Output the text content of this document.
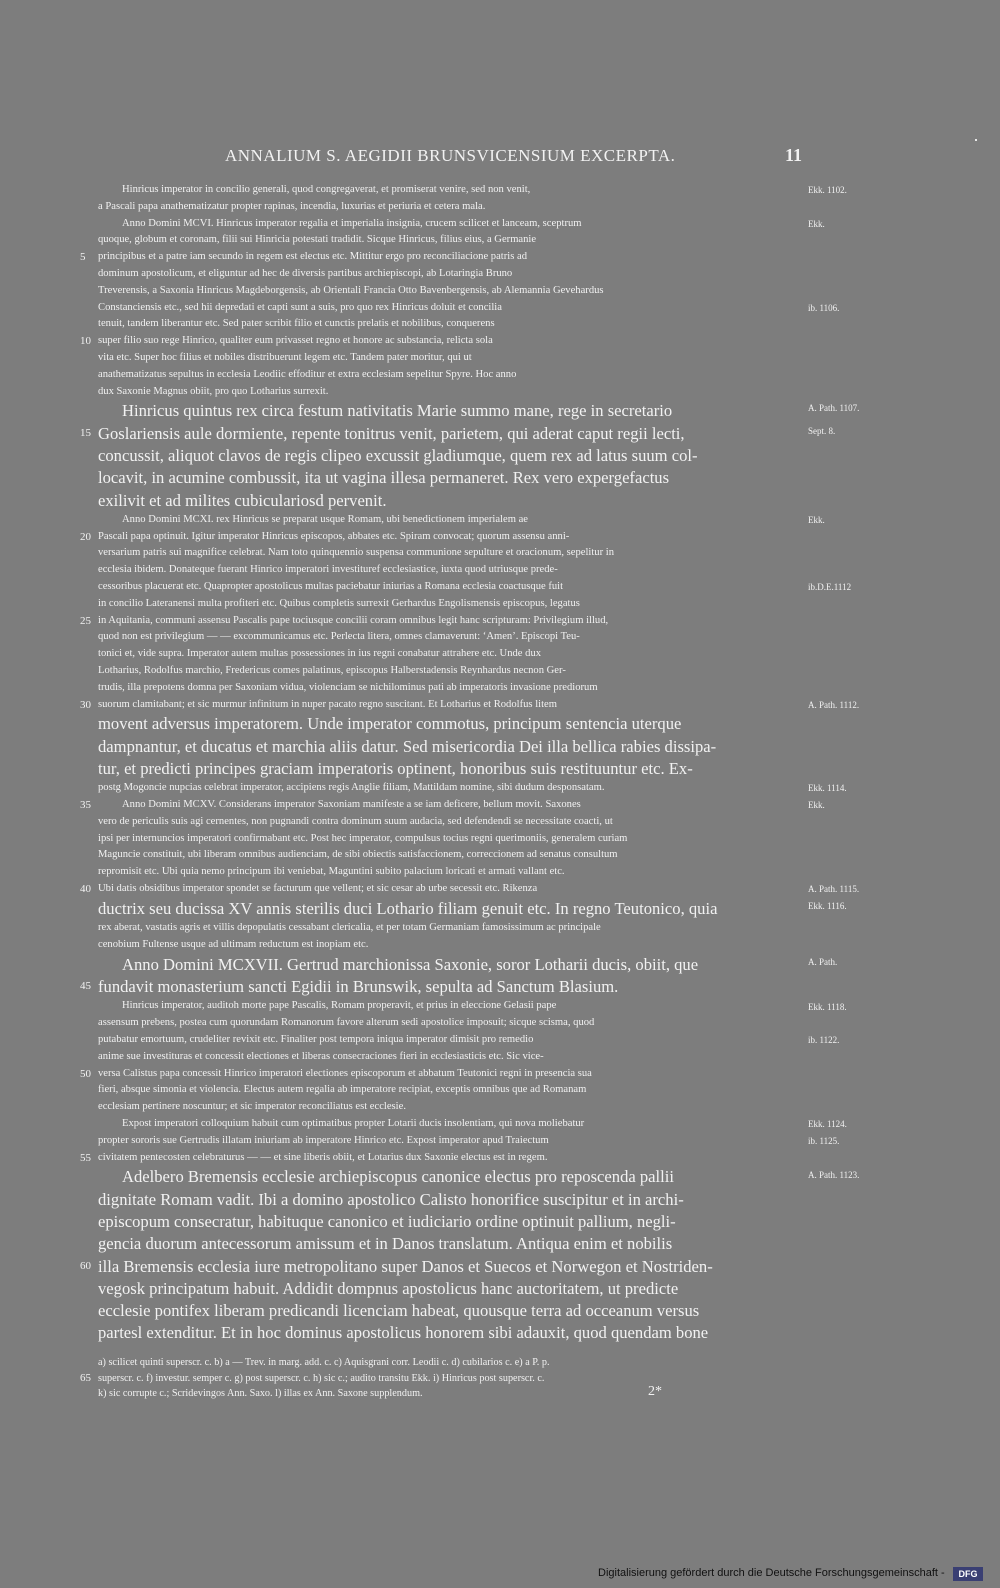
ANNALIUM S. AEGIDII BRUNSVICENSIUM EXCERPTA.	11
Hinricus imperator in concilio generali, quod congregaverat, et promiserat venire, sed non venit,
a Pascali papa anathematizatur propter rapinas, incendia, luxurias et periuria et cetera mala.
Anno Domini MCVI. Hinricus imperator regalia et imperialia insignia, crucem scilicet et lanceam, sceptrum
quoque, globum et coronam, filii sui Hinricia potestati tradidit. Sicque Hinricus, filius eius, a Germanie
principibus et a patre iam secundo in regem est electus etc. Mittitur ergo pro reconciliacione patris ad
dominum apostolicum, et eliguntur ad hec de diversis partibus archiepiscopi, ab Lotaringia Bruno
Treverensis, a Saxonia Hinricus Magdeborgensis, ab Orientali Francia Otto Bavenbergensis, ab Alemannia Gevehardus
Constanciensis etc., sed hii depredati et capti sunt a suis, pro quo rex Hinricus doluit et concilia
tenuit, tandem liberantur etc. Sed pater scribit filio et cunctis prelatis et nobilibus, conquerens
super filio suo rege Hinrico, qualiter eum privasset regno et honore ac substancia, relicta sola
vita etc. Super hoc filius et nobiles distribuerunt legem etc. Tandem pater moritur, qui ut
anathematizatus sepultus in ecclesia Leodiic effoditur et extra ecclesiam sepelitur Spyre. Hoc anno
dux Saxonie Magnus obiit, pro quo Lotharius surrexit.
Hinricus quintus rex circa festum nativitatis Marie summo mane, rege in secretario
Goslariensis aule dormiente, repente tonitrus venit, parietem, qui aderat caput regii lecti,
concussit, aliquot clavos de regis clipeo excussit gladiumque, quem rex ad latus suum col-
locavit, in acumine combussit, ita ut vagina illesa permaneret. Rex vero expergefactus
exilivit et ad milites cubiculariosd pervenit.
Anno Domini MCXI. rex Hinricus se preparat usque Romam, ubi benedictionem imperialem ae
Pascali papa optinuit. Igitur imperator Hinricus episcopos, abbates etc. Spiram convocat; quorum assensu anni-
versarium patris sui magnifice celebrat. Nam toto quinquennio suspensa communione sepulture et oracionum, sepelitur in
ecclesia ibidem. Donateque fuerant Hinrico imperatori investituref ecclesiastice, iuxta quod utriusque prede-
cessoribus placuerat etc. Quapropter apostolicus multas paciebatur iniurias a Romana ecclesia coactusque fuit
in concilio Lateranensi multa profiteri etc. Quibus completis surrexit Gerhardus Engolismensis episcopus, legatus
in Aquitania, communi assensu Pascalis pape tociusque concilii coram omnibus legit hanc scripturam: Privilegium illud,
quod non est privilegium — — excommunicamus etc. Perlecta litera, omnes clamaverunt: ‘Amen’. Episcopi Teu-
tonici et, vide supra. Imperator autem multas possessiones in ius regni conabatur attrahere etc. Unde dux
Lotharius, Rodolfus marchio, Fredericus comes palatinus, episcopus Halberstadensis Reynhardus necnon Ger-
trudis, illa prepotens domna per Saxoniam vidua, violenciam se nichilominus pati ab imperatoris invasione prediorum
suorum clamitabant; et sic murmur infinitum in nuper pacato regno suscitant. Et Lotharius et Rodolfus litem
movent adversus imperatorem. Unde imperator commotus, principum sentencia uterque
dampnantur, et ducatus et marchia aliis datur. Sed misericordia Dei illa bellica rabies dissipa-
tur, et predicti principes graciam imperatoris optinent, honoribus suis restituuntur etc. Ex-
postg Mogoncie nupcias celebrat imperator, accipiens regis Anglie filiam, Mattildam nomine, sibi dudum desponsatam.
Anno Domini MCXV. Considerans imperator Saxoniam manifeste a se iam deficere, bellum movit. Saxones
vero de periculis suis agi cernentes, non pugnandi contra dominum suum audacia, sed defendendi se necessitate coacti, ut
ipsi per internuncios imperatori confirmabant etc. Post hec imperator, compulsus tocius regni querimoniis, generalem curiam
Maguncie constituit, ubi liberam omnibus audienciam, de sibi obiectis satisfaccionem, correccionem ad senatus consultum
repromisit etc. Ubi quia nemo principum ibi veniebat, Maguntini subito palacium loricati et armati vallant etc.
Ubi datis obsidibus imperator spondet se facturum que vellent; et sic cesar ab urbe secessit etc. Rikenza
ductrix seu ducissa XV annis sterilis duci Lothario filiam genuit etc. In regno Teutonico, quia
rex aberat, vastatis agris et villis depopulatis cessabant clericalia, et per totam Germaniam famosissimum ac principale
cenobium Fultense usque ad ultimam reductum est inopiam etc.
Anno Domini MCXVII. Gertrud marchionissa Saxonie, soror Lotharii ducis, obiit, que
fundavit monasterium sancti Egidii in Brunswik, sepulta ad Sanctum Blasium.
Hinricus imperator, auditoh morte pape Pascalis, Romam properavit, et prius in eleccione Gelasii pape
assensum prebens, postea cum quorundam Romanorum favore alterum sedi apostolice imposuit; sicque scisma, quod
putabatur emortuum, crudeliter revixit etc. Finaliter post tempora iniqua imperator dimisit pro remedio
anime sue investituras et concessit electiones et liberas consecraciones fieri in ecclesiasticis etc. Sic vice-
versa Calistus papa concessit Hinrico imperatori electiones episcoporum et abbatum Teutonici regni in presencia sua
fieri, absque simonia et violencia. Electus autem regalia ab imperatore recipiat, exceptis omnibus que ad Romanam
ecclesiam pertinere noscuntur; et sic imperator reconciliatus est ecclesie.
Expost imperatori colloquium habuit cum optimatibus propter Lotarii ducis insolentiam, qui nova moliebatur
propter sororis sue Gertrudis illatam iniuriam ab imperatore Hinrico etc. Expost imperator apud Traiectum
civitatem pentecosten celebraturus — — et sine liberis obiit, et Lotarius dux Saxonie electus est in regem.
Adelbero Bremensis ecclesie archiepiscopus canonice electus pro reposcenda pallii
dignitate Romam vadit. Ibi a domino apostolico Calisto honorifice suscipitur et in archi-
episcopum consecratur, habituque canonico et iudiciario ordine optinuit pallium, negli-
gencia duorum antecessorum amissum et in Danos translatum. Antiqua enim et nobilis
illa Bremensis ecclesia iure metropolitano super Danos et Suecos et Norwegon et Nostriden-
vegosk principatum habuit. Addidit dompnus apostolicus hanc auctoritatem, ut predicte
ecclesie pontifex liberam predicandi licenciam habeat, quousque terra ad occeanum versus
partesl extenditur. Et in hoc dominus apostolicus honorem sibi adauxit, quod quendam bone
5
10
15
20
25
30
35
40
45
50
55
60
Ekk. 1102.
Ekk.
ib. 1106.
A. Path. 1107.
Sept. 8.
Ekk.
ib.D.E.1112
A. Path. 1112.
Ekk. 1114.
Ekk.
A. Path. 1115.
Ekk. 1116.
A. Path.
Ekk. 1118.
ib. 1122.
Ekk. 1124.
ib. 1125.
A. Path. 1123.
a) scilicet quinti superscr. c. b) a — Trev. in marg. add. c. c) Aquisgrani corr. Leodii c. d) cubilarios c. e) a P. p.
superscr. c. f) investur. semper c. g) post superscr. c. h) sic c.; audito transitu Ekk. i) Hinricus post superscr. c.
k) sic corrupte c.; Scridevingos Ann. Saxo. l) illas ex Ann. Saxone supplendum.
65
2*
Digitalisierung gefördert durch die Deutsche Forschungsgemeinschaft -	DFG
